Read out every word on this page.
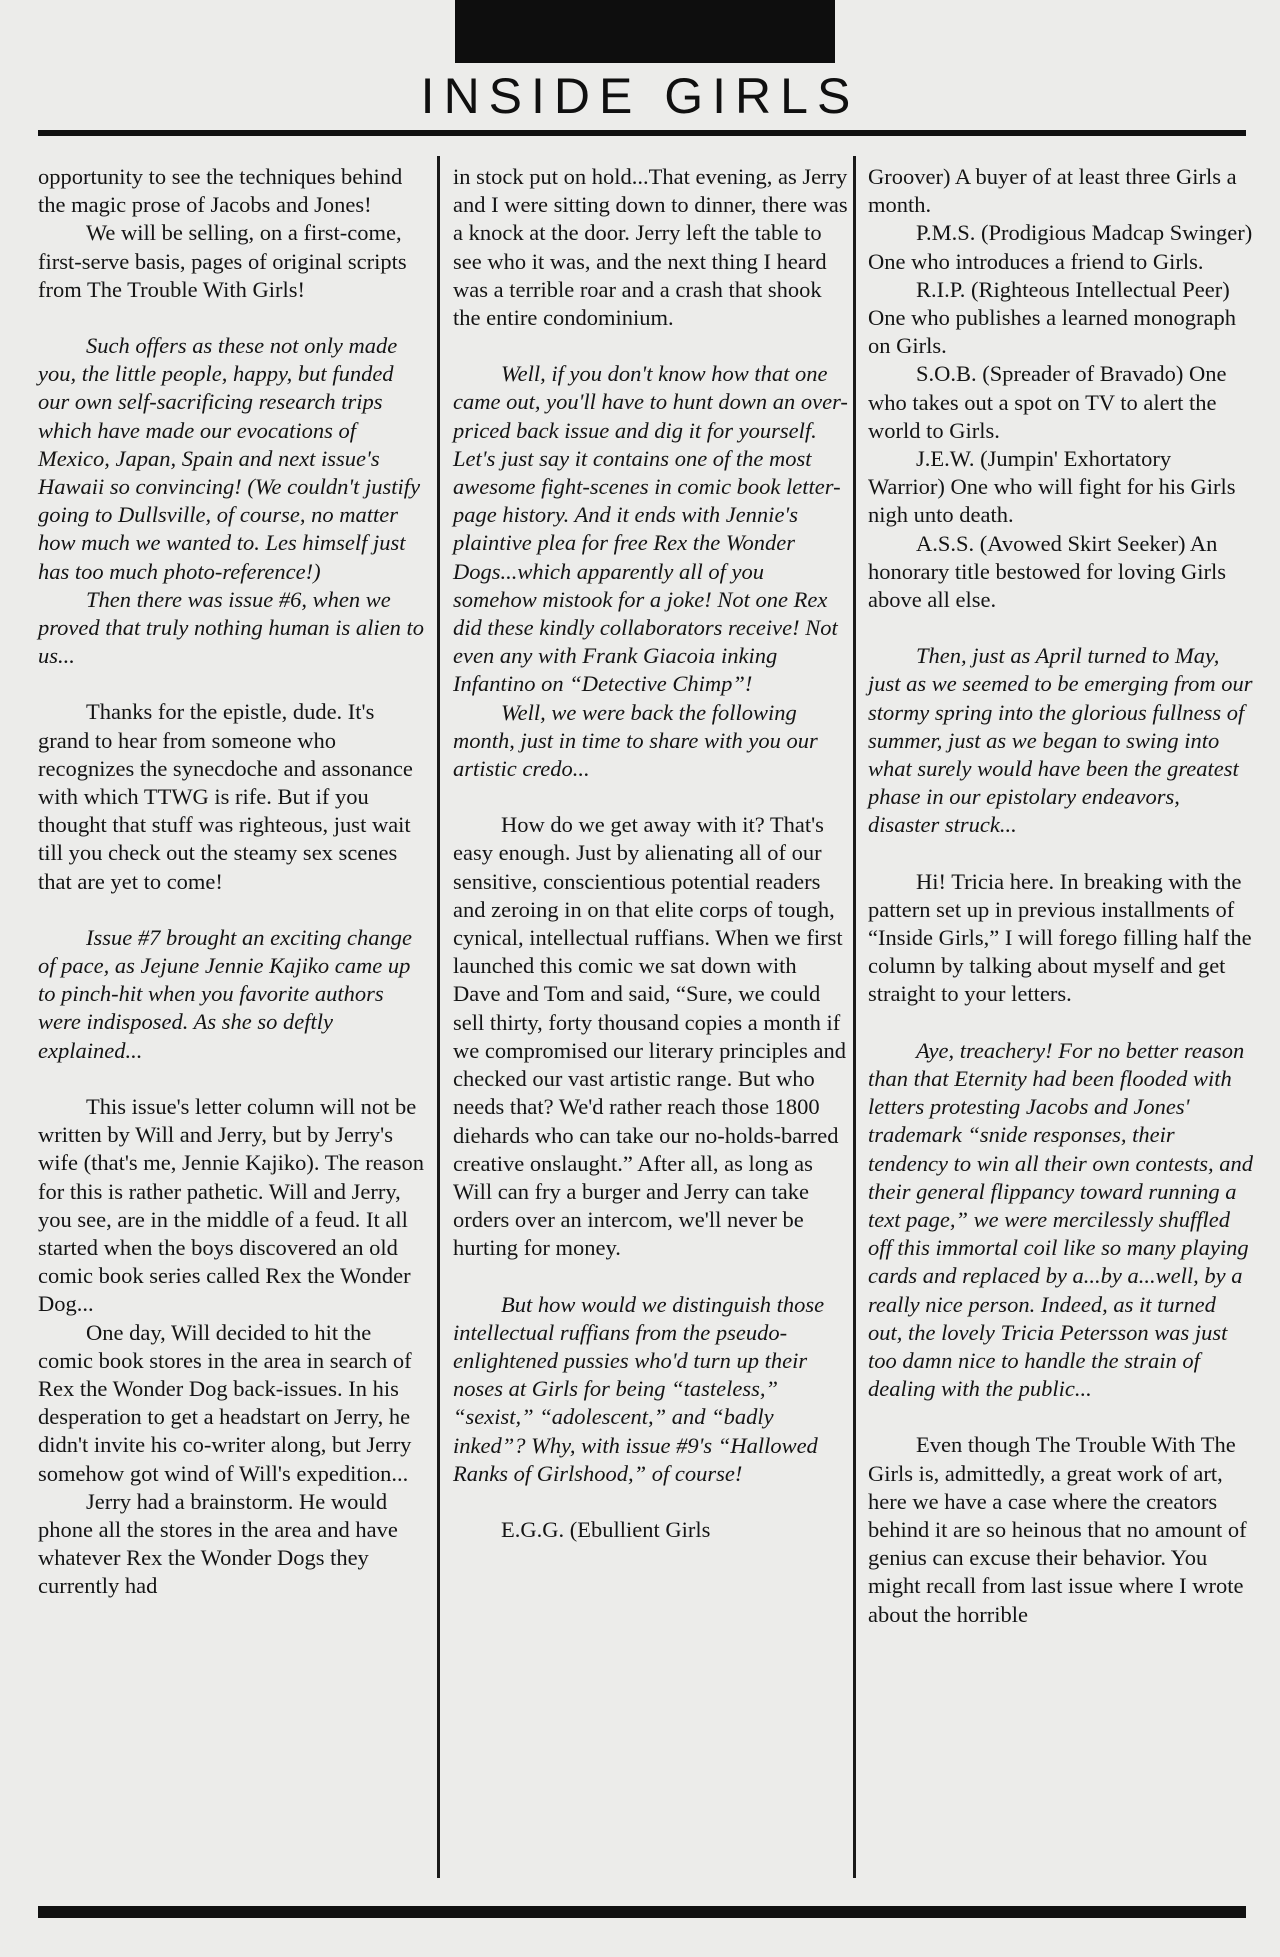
INSIDE GIRLS

opportunity to see the techniques behind the magic prose of Jacobs and Jones!

We will be selling, on a first-come, first-serve basis, pages of original scripts from The Trouble With Girls!

Such offers as these not only made you, the little people, happy, but funded our own self-sacrificing research trips which have made our evocations of Mexico, Japan, Spain and next issue's Hawaii so convincing! (We couldn't justify going to Dullsville, of course, no matter how much we wanted to. Les himself just has too much photo-reference!)

Then there was issue #6, when we proved that truly nothing human is alien to us...

Thanks for the epistle, dude. It's grand to hear from someone who recognizes the synecdoche and assonance with which TTWG is rife. But if you thought that stuff was righteous, just wait till you check out the steamy sex scenes that are yet to come!

Issue #7 brought an exciting change of pace, as Jejune Jennie Kajiko came up to pinch-hit when you favorite authors were indisposed. As she so deftly explained...

This issue's letter column will not be written by Will and Jerry, but by Jerry's wife (that's me, Jennie Kajiko). The reason for this is rather pathetic. Will and Jerry, you see, are in the middle of a feud. It all started when the boys discovered an old comic book series called Rex the Wonder Dog...

One day, Will decided to hit the comic book stores in the area in search of Rex the Wonder Dog back-issues. In his desperation to get a headstart on Jerry, he didn't invite his co-writer along, but Jerry somehow got wind of Will's expedition...

Jerry had a brainstorm. He would phone all the stores in the area and have whatever Rex the Wonder Dogs they currently had

in stock put on hold...That evening, as Jerry and I were sitting down to dinner, there was a knock at the door. Jerry left the table to see who it was, and the next thing I heard was a terrible roar and a crash that shook the entire condominium.

Well, if you don't know how that one came out, you'll have to hunt down an over-priced back issue and dig it for yourself. Let's just say it contains one of the most awesome fight-scenes in comic book letter-page history. And it ends with Jennie's plaintive plea for free Rex the Wonder Dogs...which apparently all of you somehow mistook for a joke! Not one Rex did these kindly collaborators receive! Not even any with Frank Giacoia inking Infantino on “Detective Chimp”!

Well, we were back the following month, just in time to share with you our artistic credo...

How do we get away with it? That's easy enough. Just by alienating all of our sensitive, conscientious potential readers and zeroing in on that elite corps of tough, cynical, intellectual ruffians. When we first launched this comic we sat down with Dave and Tom and said, “Sure, we could sell thirty, forty thousand copies a month if we compromised our literary principles and checked our vast artistic range. But who needs that? We'd rather reach those 1800 diehards who can take our no-holds-barred creative onslaught.” After all, as long as Will can fry a burger and Jerry can take orders over an intercom, we'll never be hurting for money.

But how would we distinguish those intellectual ruffians from the pseudo-enlightened pussies who'd turn up their noses at Girls for being “tasteless,” “sexist,” “adolescent,” and “badly inked”? Why, with issue #9's “Hallowed Ranks of Girlshood,” of course!

E.G.G. (Ebullient Girls

Groover) A buyer of at least three Girls a month.

P.M.S. (Prodigious Madcap Swinger) One who introduces a friend to Girls.

R.I.P. (Righteous Intellectual Peer) One who publishes a learned monograph on Girls.

S.O.B. (Spreader of Bravado) One who takes out a spot on TV to alert the world to Girls.

J.E.W. (Jumpin' Exhortatory Warrior) One who will fight for his Girls nigh unto death.

A.S.S. (Avowed Skirt Seeker) An honorary title bestowed for loving Girls above all else.

Then, just as April turned to May, just as we seemed to be emerging from our stormy spring into the glorious fullness of summer, just as we began to swing into what surely would have been the greatest phase in our epistolary endeavors, disaster struck...

Hi! Tricia here. In breaking with the pattern set up in previous installments of “Inside Girls,” I will forego filling half the column by talking about myself and get straight to your letters.

Aye, treachery! For no better reason than that Eternity had been flooded with letters protesting Jacobs and Jones' trademark “snide responses, their tendency to win all their own contests, and their general flippancy toward running a text page,” we were mercilessly shuffled off this immortal coil like so many playing cards and replaced by a...by a...well, by a really nice person. Indeed, as it turned out, the lovely Tricia Petersson was just too damn nice to handle the strain of dealing with the public...

Even though The Trouble With The Girls is, admittedly, a great work of art, here we have a case where the creators behind it are so heinous that no amount of genius can excuse their behavior. You might recall from last issue where I wrote about the horrible
